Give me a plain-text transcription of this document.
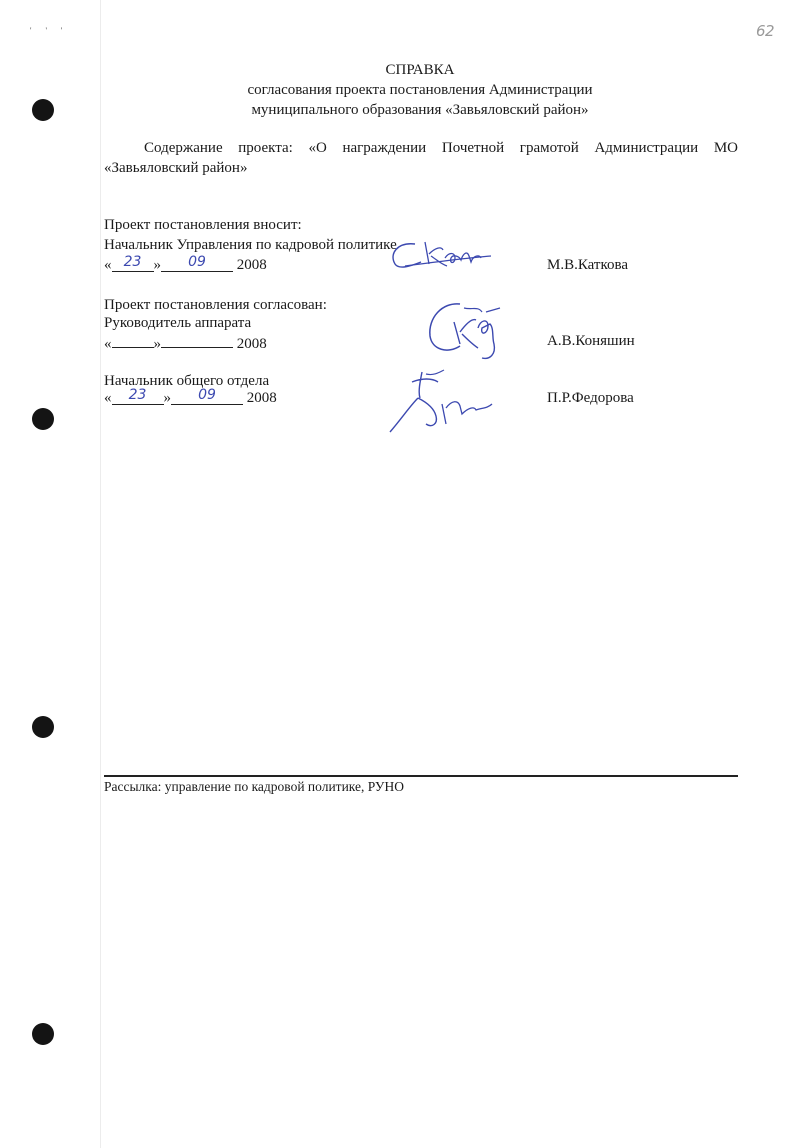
' ' '	62
СПРАВКА
согласования проекта постановления Администрации
муниципального образования «Завьяловский район»
Содержание проекта: «О награждении Почетной грамотой Администрации МО «Завьяловский район»
Проект постановления вносит:
Начальник Управления по кадровой политике
« 23 » 09 2008	М.В.Каткова
Проект постановления согласован:
Руководитель аппарата
«	»	2008	А.В.Коняшин
Начальник общего отдела
« 23 » 09 2008	П.Р.Федорова
Рассылка: управление по кадровой политике, РУНО
